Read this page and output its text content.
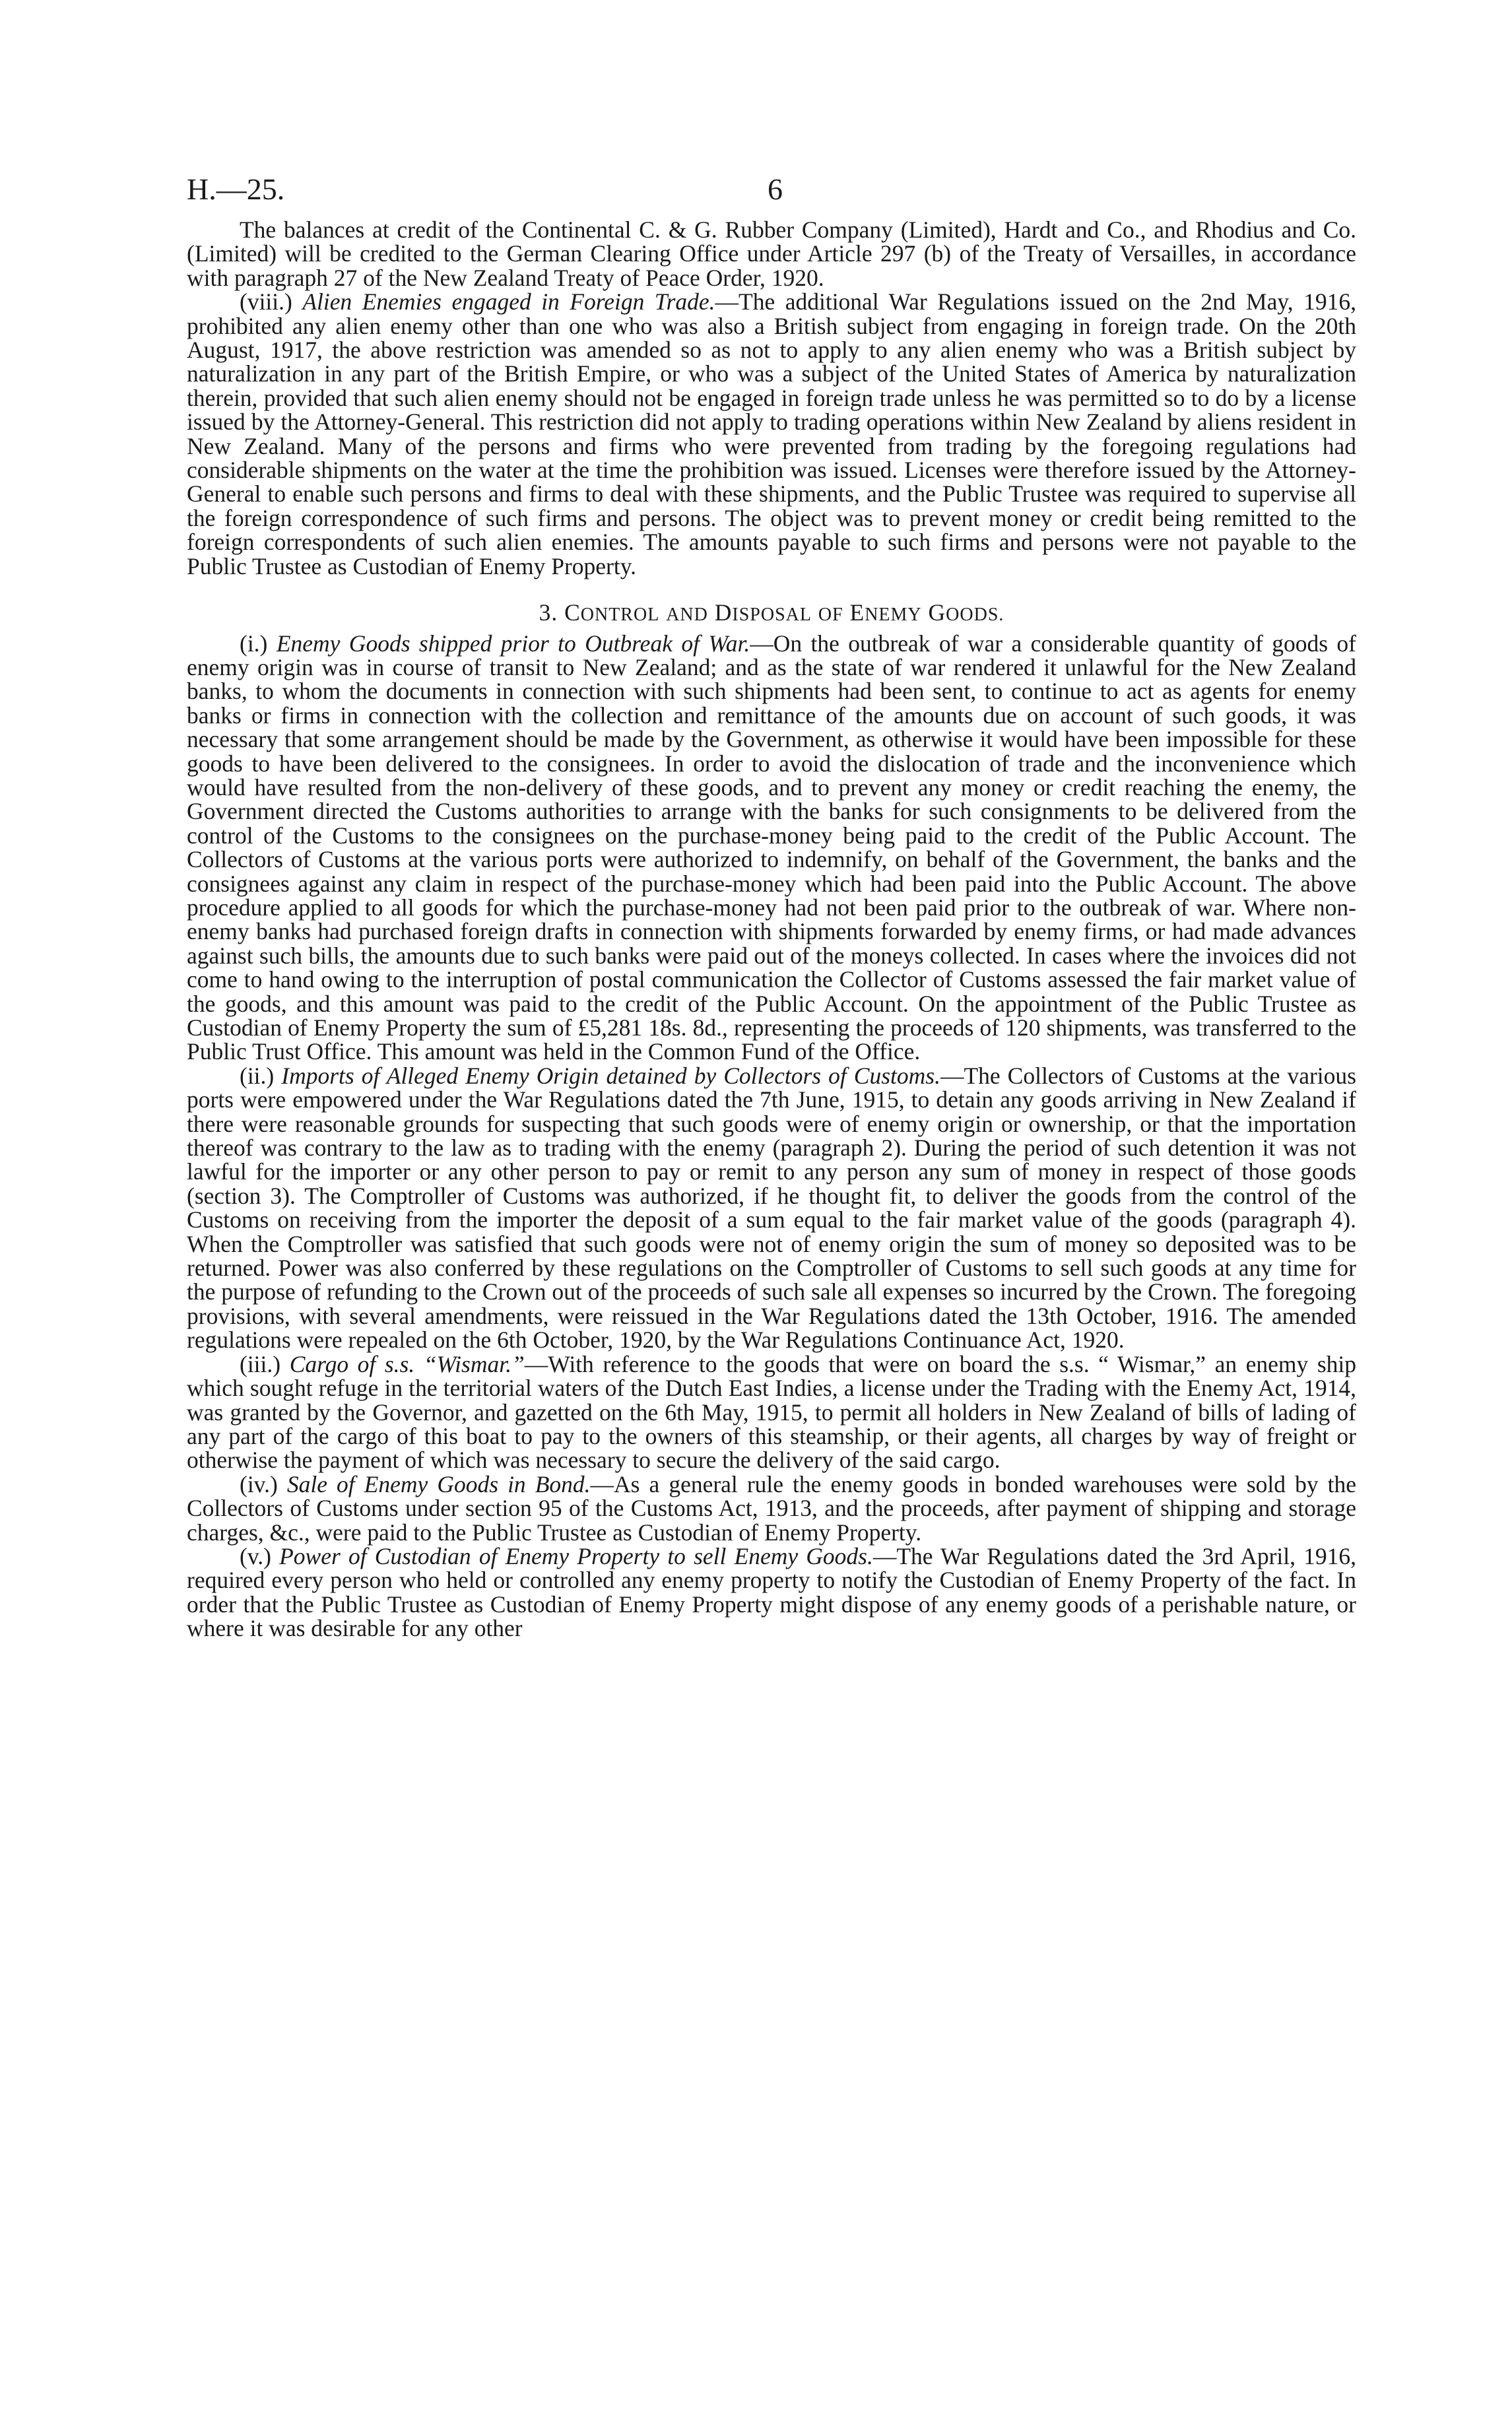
H.—25.	6

The balances at credit of the Continental C. & G. Rubber Company (Limited), Hardt and Co., and Rhodius and Co. (Limited) will be credited to the German Clearing Office under Article 297 (b) of the Treaty of Versailles, in accordance with paragraph 27 of the New Zealand Treaty of Peace Order, 1920.

(viii.) Alien Enemies engaged in Foreign Trade.—The additional War Regulations issued on the 2nd May, 1916, prohibited any alien enemy other than one who was also a British subject from engaging in foreign trade. On the 20th August, 1917, the above restriction was amended so as not to apply to any alien enemy who was a British subject by naturalization in any part of the British Empire, or who was a subject of the United States of America by naturalization therein, provided that such alien enemy should not be engaged in foreign trade unless he was permitted so to do by a license issued by the Attorney-General. This restriction did not apply to trading operations within New Zealand by aliens resident in New Zealand. Many of the persons and firms who were prevented from trading by the foregoing regulations had considerable shipments on the water at the time the prohibition was issued. Licenses were therefore issued by the Attorney-General to enable such persons and firms to deal with these shipments, and the Public Trustee was required to supervise all the foreign correspondence of such firms and persons. The object was to prevent money or credit being remitted to the foreign correspondents of such alien enemies. The amounts payable to such firms and persons were not payable to the Public Trustee as Custodian of Enemy Property.

3. CONTROL AND DISPOSAL OF ENEMY GOODS.

(i.) Enemy Goods shipped prior to Outbreak of War.—On the outbreak of war a considerable quantity of goods of enemy origin was in course of transit to New Zealand; and as the state of war rendered it unlawful for the New Zealand banks, to whom the documents in connection with such shipments had been sent, to continue to act as agents for enemy banks or firms in connection with the collection and remittance of the amounts due on account of such goods, it was necessary that some arrangement should be made by the Government, as otherwise it would have been impossible for these goods to have been delivered to the consignees. In order to avoid the dislocation of trade and the inconvenience which would have resulted from the non-delivery of these goods, and to prevent any money or credit reaching the enemy, the Government directed the Customs authorities to arrange with the banks for such consignments to be delivered from the control of the Customs to the consignees on the purchase-money being paid to the credit of the Public Account. The Collectors of Customs at the various ports were authorized to indemnify, on behalf of the Government, the banks and the consignees against any claim in respect of the purchase-money which had been paid into the Public Account. The above procedure applied to all goods for which the purchase-money had not been paid prior to the outbreak of war. Where non-enemy banks had purchased foreign drafts in connection with shipments forwarded by enemy firms, or had made advances against such bills, the amounts due to such banks were paid out of the moneys collected. In cases where the invoices did not come to hand owing to the interruption of postal communication the Collector of Customs assessed the fair market value of the goods, and this amount was paid to the credit of the Public Account. On the appointment of the Public Trustee as Custodian of Enemy Property the sum of £5,281 18s. 8d., representing the proceeds of 120 shipments, was transferred to the Public Trust Office. This amount was held in the Common Fund of the Office.

(ii.) Imports of Alleged Enemy Origin detained by Collectors of Customs.—The Collectors of Customs at the various ports were empowered under the War Regulations dated the 7th June, 1915, to detain any goods arriving in New Zealand if there were reasonable grounds for suspecting that such goods were of enemy origin or ownership, or that the importation thereof was contrary to the law as to trading with the enemy (paragraph 2). During the period of such detention it was not lawful for the importer or any other person to pay or remit to any person any sum of money in respect of those goods (section 3). The Comptroller of Customs was authorized, if he thought fit, to deliver the goods from the control of the Customs on receiving from the importer the deposit of a sum equal to the fair market value of the goods (paragraph 4). When the Comptroller was satisfied that such goods were not of enemy origin the sum of money so deposited was to be returned. Power was also conferred by these regulations on the Comptroller of Customs to sell such goods at any time for the purpose of refunding to the Crown out of the proceeds of such sale all expenses so incurred by the Crown. The foregoing provisions, with several amendments, were reissued in the War Regulations dated the 13th October, 1916. The amended regulations were repealed on the 6th October, 1920, by the War Regulations Continuance Act, 1920.

(iii.) Cargo of s.s. “Wismar.”—With reference to the goods that were on board the s.s. “ Wismar,” an enemy ship which sought refuge in the territorial waters of the Dutch East Indies, a license under the Trading with the Enemy Act, 1914, was granted by the Governor, and gazetted on the 6th May, 1915, to permit all holders in New Zealand of bills of lading of any part of the cargo of this boat to pay to the owners of this steamship, or their agents, all charges by way of freight or otherwise the payment of which was necessary to secure the delivery of the said cargo.

(iv.) Sale of Enemy Goods in Bond.—As a general rule the enemy goods in bonded warehouses were sold by the Collectors of Customs under section 95 of the Customs Act, 1913, and the proceeds, after payment of shipping and storage charges, &c., were paid to the Public Trustee as Custodian of Enemy Property.

(v.) Power of Custodian of Enemy Property to sell Enemy Goods.—The War Regulations dated the 3rd April, 1916, required every person who held or controlled any enemy property to notify the Custodian of Enemy Property of the fact. In order that the Public Trustee as Custodian of Enemy Property might dispose of any enemy goods of a perishable nature, or where it was desirable for any other
